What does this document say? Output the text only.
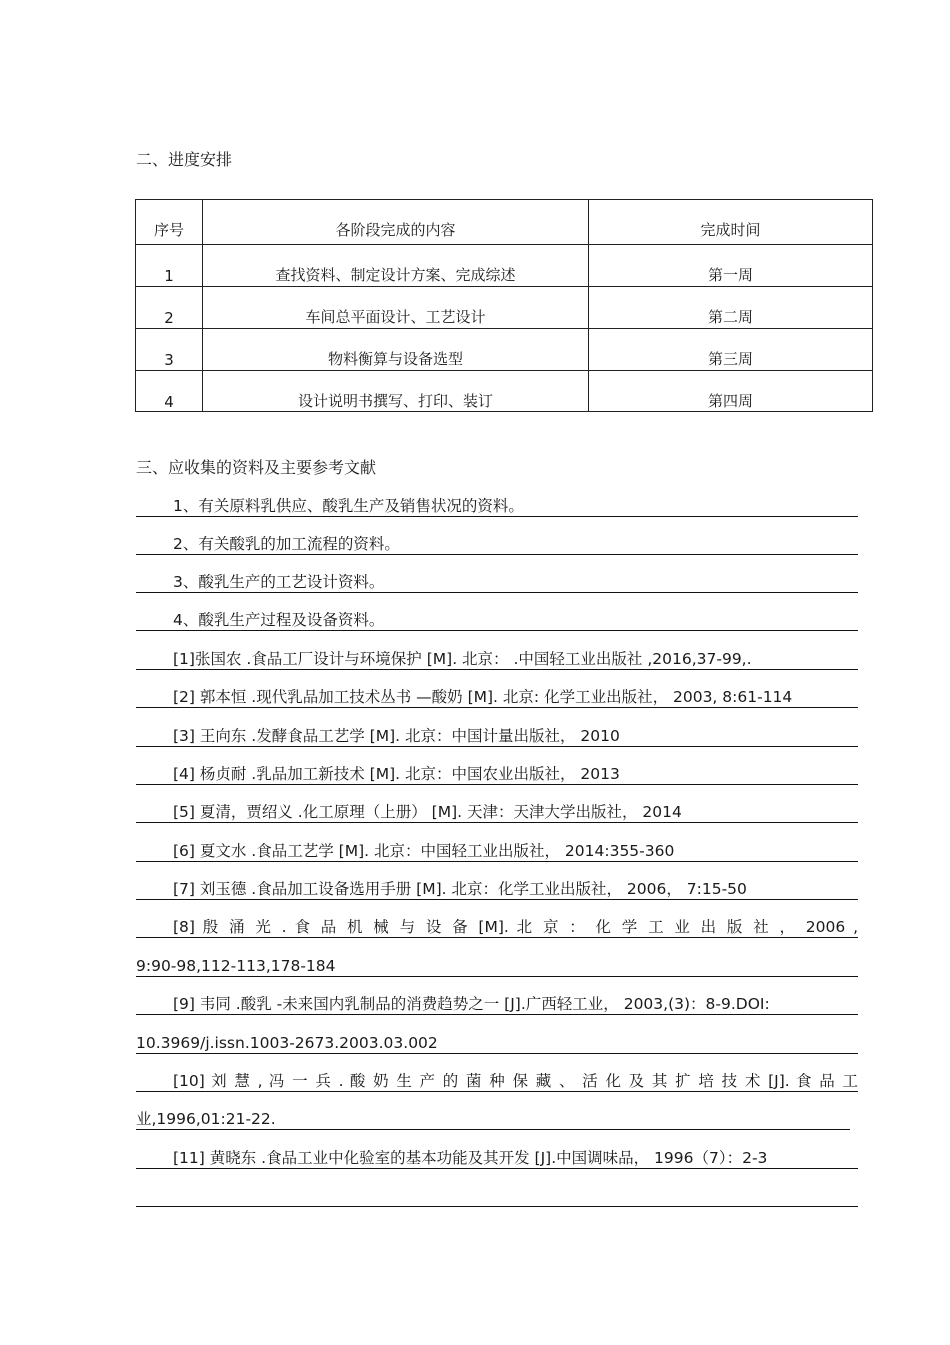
二、进度安排
序号	各阶段完成的内容	完成时间
1	查找资料、制定设计方案、完成综述	第一周
2	车间总平面设计、工艺设计	第二周
3	物料衡算与设备选型	第三周
4	设计说明书撰写、打印、装订	第四周
三、应收集的资料及主要参考文献
1、有关原料乳供应、酸乳生产及销售状况的资料。
2、有关酸乳的加工流程的资料。
3、酸乳生产的工艺设计资料。
4、酸乳生产过程及设备资料。
[1]张国农 .食品工厂设计与环境保护 [M]. 北京： .中国轻工业出版社 ,2016,37-99,.
[2] 郭本恒 .现代乳品加工技术丛书 —酸奶 [M]. 北京: 化学工业出版社， 2003, 8:61-114
[3] 王向东 .发酵食品工艺学 [M]. 北京：中国计量出版社， 2010
[4] 杨贞耐 .乳品加工新技术 [M]. 北京：中国农业出版社， 2013
[5] 夏清，贾绍义 .化工原理（上册） [M]. 天津：天津大学出版社， 2014
[6] 夏文水 .食品工艺学 [M]. 北京：中国轻工业出版社， 2014:355-360
[7] 刘玉德 .食品加工设备选用手册 [M]. 北京：化学工业出版社， 2006， 7:15-50
[8] 殷 涌 光 . 食 品 机 械 与 设 备 [M]. 北 京 ： 化 学 工 业 出 版 社 ， 2006 ,
9:90-98,112-113,178-184
[9] 韦同 .酸乳 -未来国内乳制品的消费趋势之一 [J].广西轻工业， 2003,(3)：8-9.DOI:
10.3969/j.issn.1003-2673.2003.03.002
[10] 刘 慧 , 冯 一 兵 . 酸 奶 生 产 的 菌 种 保 藏 、 活 化 及 其 扩 培 技 术 [J]. 食 品 工
业,1996,01:21-22.
[11] 黄晓东 .食品工业中化验室的基本功能及其开发 [J].中国调味品， 1996（7）：2-3
